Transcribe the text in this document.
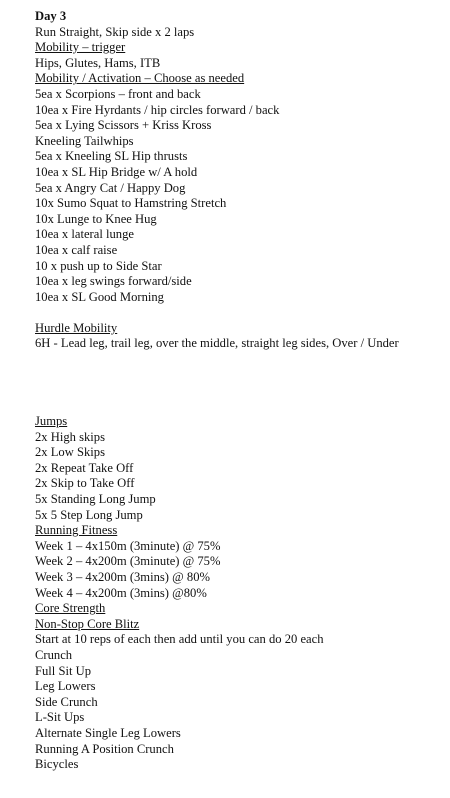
Day 3
Run Straight, Skip side x 2 laps
Mobility – trigger
Hips, Glutes, Hams, ITB
Mobility / Activation – Choose as needed
5ea x Scorpions – front and back
10ea x Fire Hyrdants / hip circles forward / back
5ea x Lying Scissors + Kriss Kross
Kneeling Tailwhips
5ea x Kneeling SL Hip thrusts
10ea x SL Hip Bridge w/ A hold
5ea x Angry Cat / Happy Dog
10x Sumo Squat to Hamstring Stretch
10x Lunge to Knee Hug
10ea x lateral lunge
10ea x calf raise
10 x push up to Side Star
10ea x leg swings forward/side
10ea x SL Good Morning
Hurdle Mobility
6H - Lead leg, trail leg, over the middle, straight leg sides, Over / Under
Jumps
2x High skips
2x Low Skips
2x Repeat Take Off
2x Skip to Take Off
5x Standing Long Jump
5x 5 Step Long Jump
Running Fitness
Week 1 – 4x150m (3minute) @ 75%
Week 2 – 4x200m (3minute) @ 75%
Week 3 – 4x200m (3mins) @ 80%
Week 4 – 4x200m (3mins) @80%
Core Strength
Non-Stop Core Blitz
Start at 10 reps of each then add until you can do 20 each
Crunch
Full Sit Up
Leg Lowers
Side Crunch
L-Sit Ups
Alternate Single Leg Lowers
Running A Position Crunch
Bicycles
